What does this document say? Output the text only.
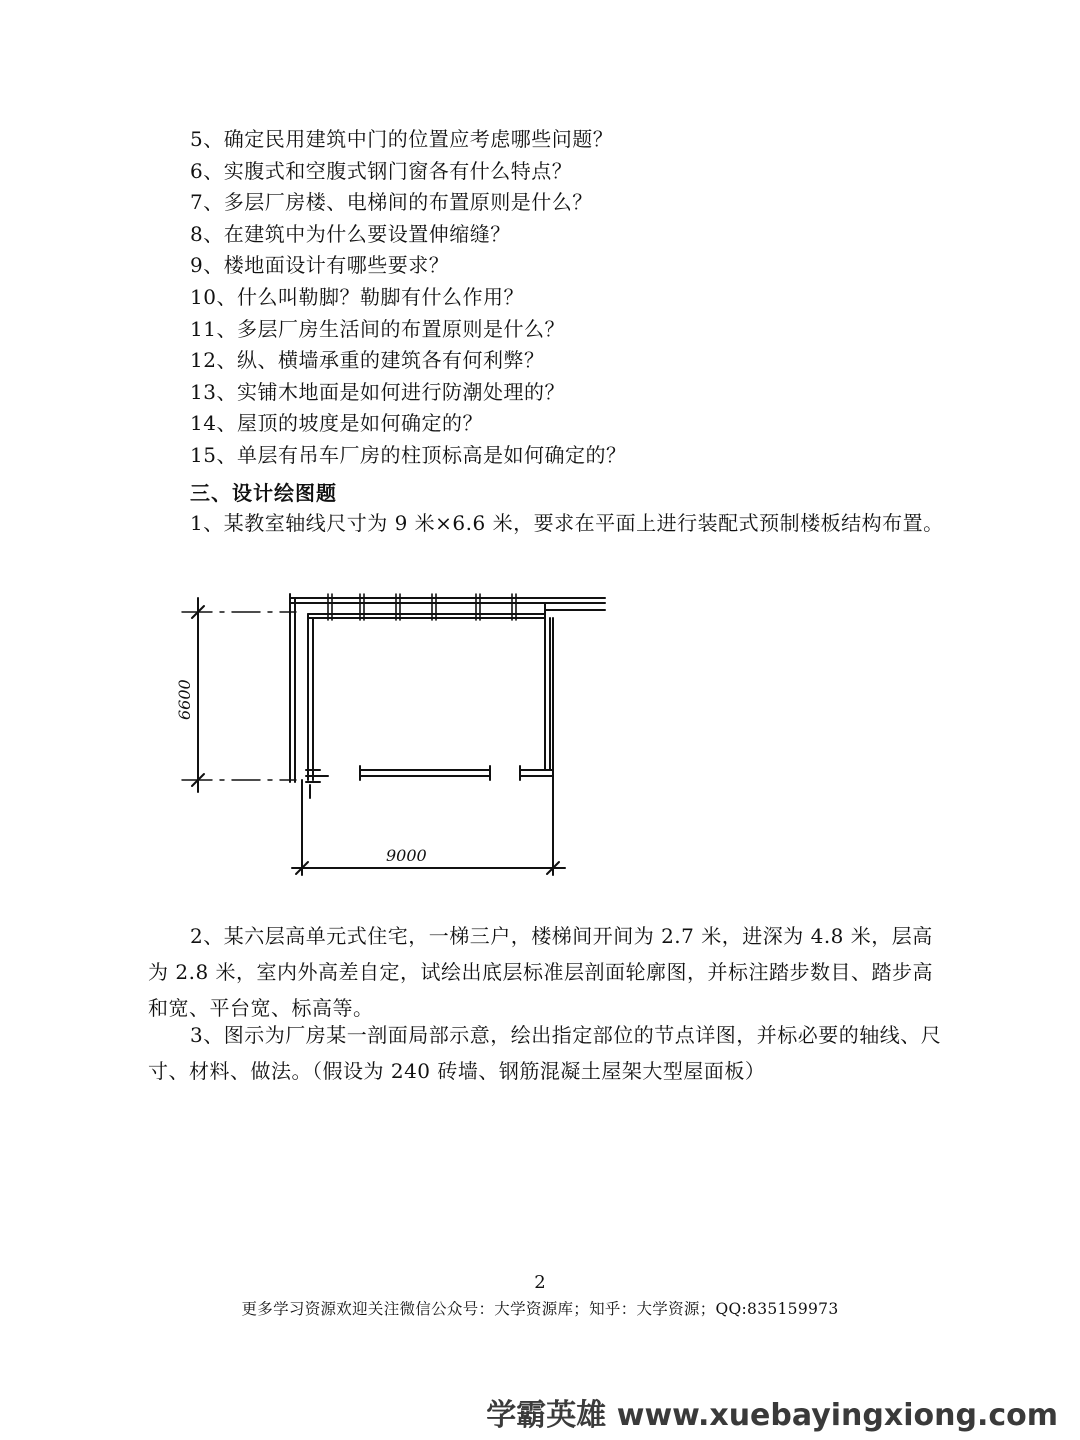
5、确定民用建筑中门的位置应考虑哪些问题？
6、实腹式和空腹式钢门窗各有什么特点？
7、多层厂房楼、电梯间的布置原则是什么？
8、在建筑中为什么要设置伸缩缝？
9、楼地面设计有哪些要求？
10、什么叫勒脚？勒脚有什么作用？
11、多层厂房生活间的布置原则是什么？
12、纵、横墙承重的建筑各有何利弊？
13、实铺木地面是如何进行防潮处理的？
14、屋顶的坡度是如何确定的？
15、单层有吊车厂房的柱顶标高是如何确定的？
三、设计绘图题
1、某教室轴线尺寸为 9 米×6.6 米，要求在平面上进行装配式预制楼板结构布置。
6600
9000
2、某六层高单元式住宅，一梯三户，楼梯间开间为 2.7 米，进深为 4.8 米，层高为 2.8 米，室内外高差自定，试绘出底层标准层剖面轮廓图，并标注踏步数目、踏步高和宽、平台宽、标高等。
3、图示为厂房某一剖面局部示意，绘出指定部位的节点详图，并标必要的轴线、尺寸、材料、做法。（假设为 240 砖墙、钢筋混凝土屋架大型屋面板）
2
更多学习资源欢迎关注微信公众号：大学资源库；知乎：大学资源；QQ:835159973
学霸英雄 www.xuebayingxiong.com
